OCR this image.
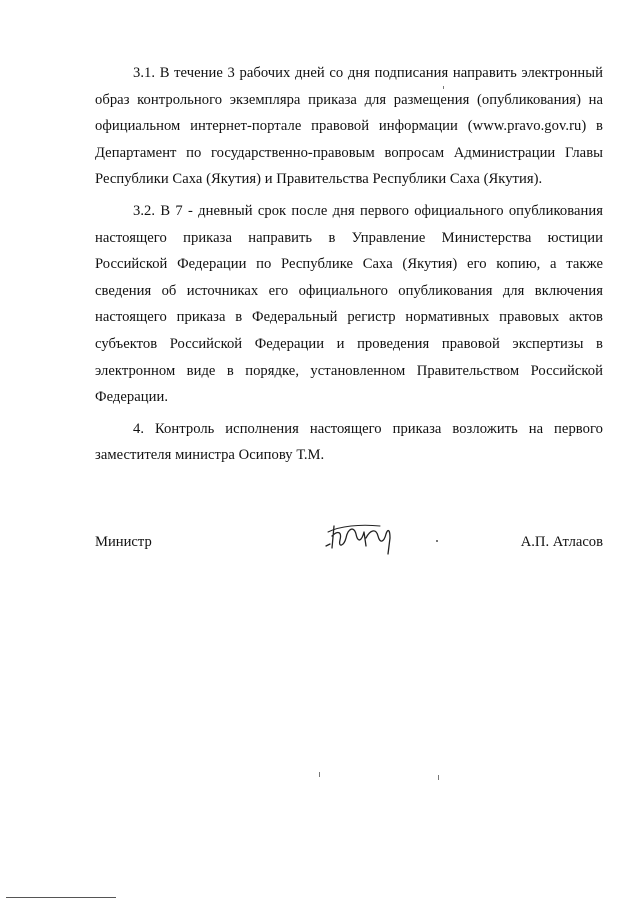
3.1. В течение 3 рабочих дней со дня подписания направить электронный образ контрольного экземпляра приказа для размещения (опубликования) на официальном интернет-портале правовой информации (www.pravo.gov.ru) в Департамент по государственно-правовым вопросам Администрации Главы Республики Саха (Якутия) и Правительства Республики Саха (Якутия).

3.2. В 7 - дневный срок после дня первого официального опубликования настоящего приказа направить в Управление Министерства юстиции Российской Федерации по Республике Саха (Якутия) его копию, а также сведения об источниках его официального опубликования для включения настоящего приказа в Федеральный регистр нормативных правовых актов субъектов Российской Федерации и проведения правовой экспертизы в электронном виде в порядке, установленном Правительством Российской Федерации.

4. Контроль исполнения настоящего приказа возложить на первого заместителя министра Осипову Т.М.

Министр	А.П. Атласов
